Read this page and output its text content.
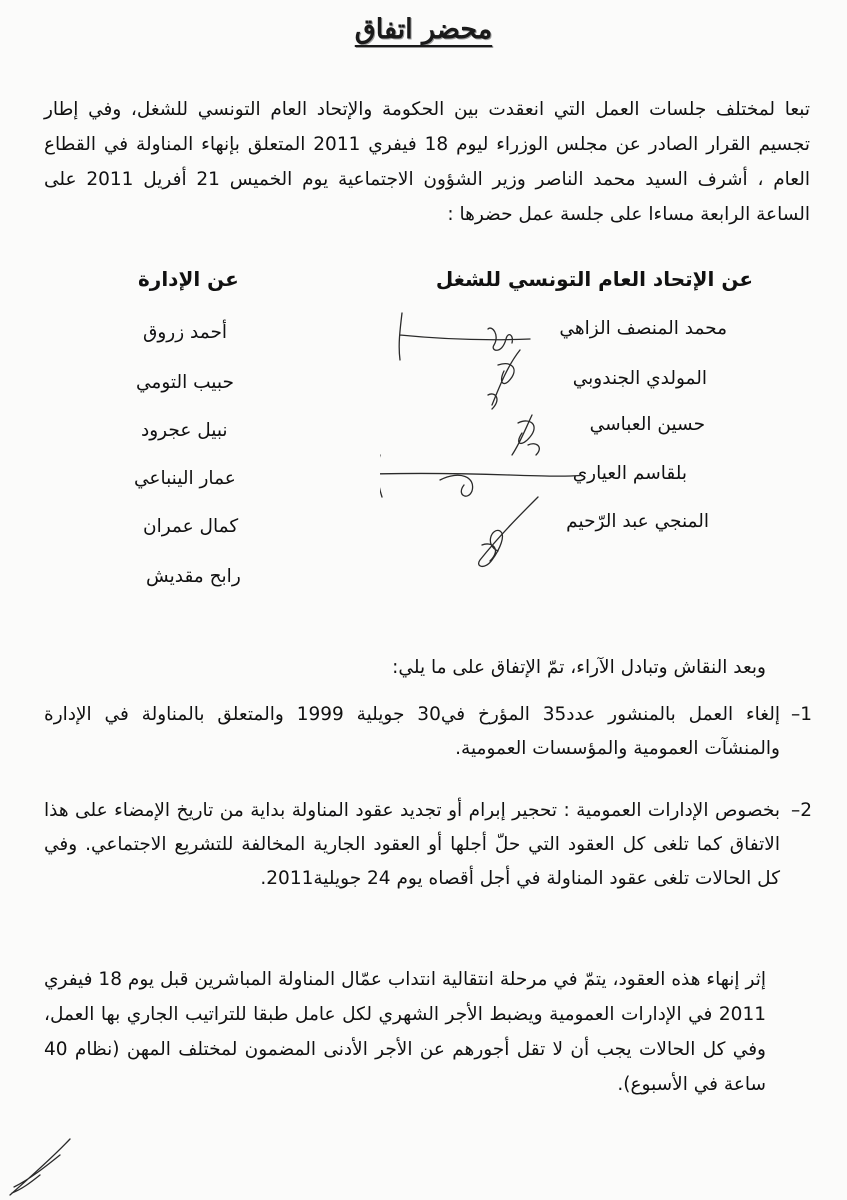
محضر اتفاق

تبعا لمختلف جلسات العمل التي انعقدت بين الحكومة والإتحاد العام التونسي للشغل، وفي إطار تجسيم القرار الصادر عن مجلس الوزراء ليوم 18 فيفري 2011 المتعلق بإنهاء المناولة في القطاع العام ، أشرف السيد محمد الناصر وزير الشؤون الاجتماعية يوم الخميس 21 أفريل 2011 على الساعة الرابعة مساءا على جلسة عمل حضرها :

عن الإتحاد العام التونسي للشغل
محمد المنصف الزاهي
المولدي الجندوبي
حسين العباسي
بلقاسم العياري
المنجي عبد الرّحيم
عن الإدارة
أحمد زروق
حبيب التومي
نبيل عجرود
عمار الينباعي
كمال عمران
رابح مقديش
وبعد النقاش وتبادل الآراء، تمّ الإتفاق على ما يلي:
1–
إلغاء العمل بالمنشور عدد35 المؤرخ في30 جويلية 1999 والمتعلق بالمناولة في الإدارة والمنشآت العمومية والمؤسسات العمومية.
2–
بخصوص الإدارات العمومية : تحجير إبرام أو تجديد عقود المناولة بداية من تاريخ الإمضاء على هذا الاتفاق كما تلغى كل العقود التي حلّ أجلها أو العقود الجارية المخالفة للتشريع الاجتماعي. وفي كل الحالات تلغى عقود المناولة في أجل أقصاه يوم 24 جويلية2011.

إثر إنهاء هذه العقود، يتمّ في مرحلة انتقالية انتداب عمّال المناولة المباشرين قبل يوم 18 فيفري 2011 في الإدارات العمومية ويضبط الأجر الشهري لكل عامل طبقا للتراتيب الجاري بها العمل، وفي كل الحالات يجب أن لا تقل أجورهم عن الأجر الأدنى المضمون لمختلف المهن (نظام 40 ساعة في الأسبوع).
